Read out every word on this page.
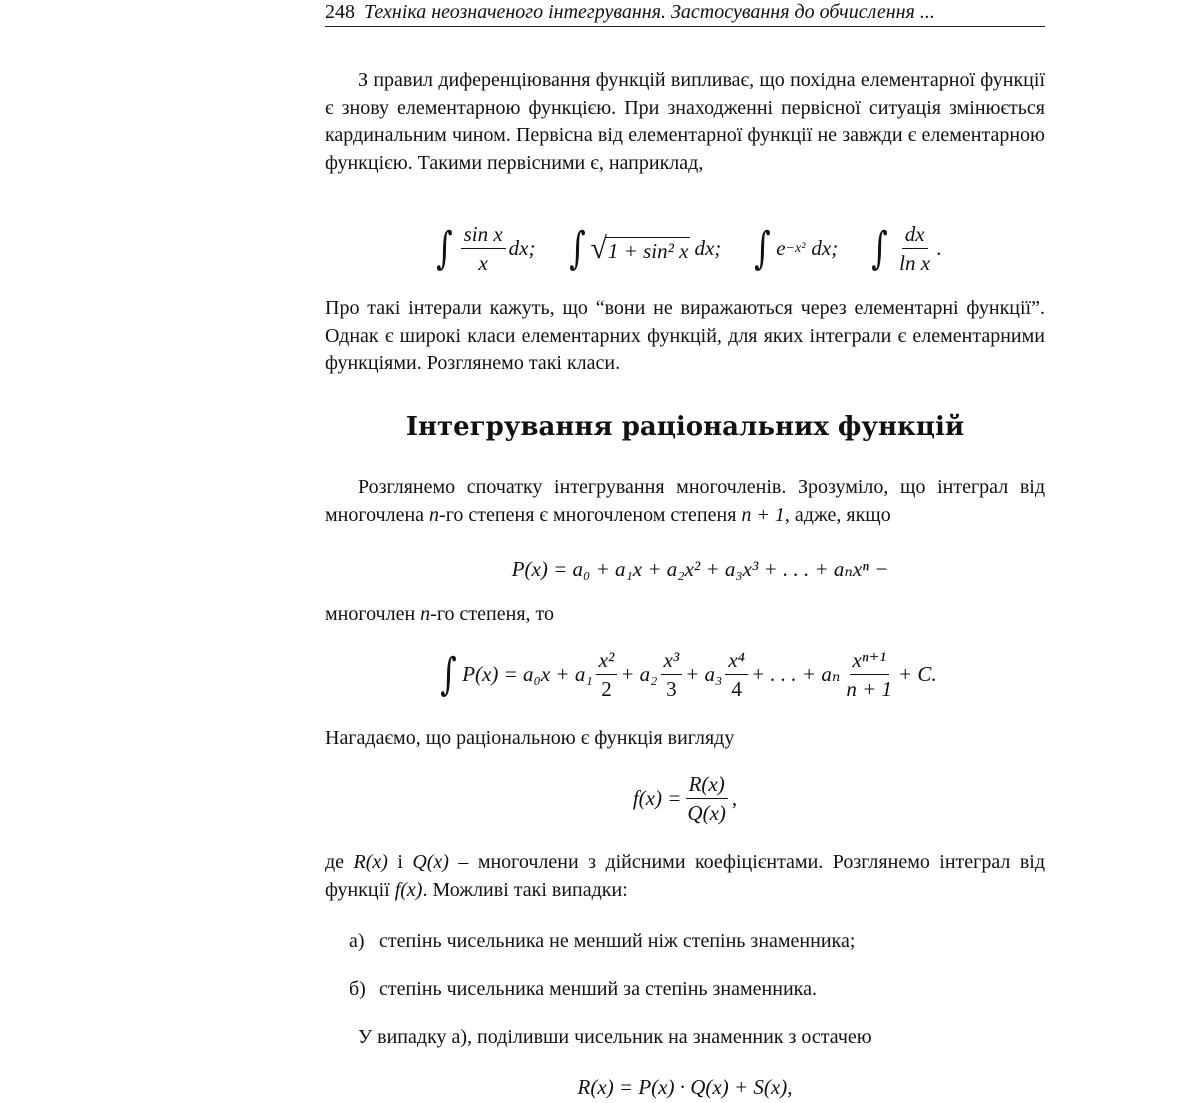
248 Техніка неозначеного інтегрування. Застосування до обчислення ...

З правил диференціювання функцій випливає, що похідна елементарної функції є знову елементарною функцією. При знаходженні первісної ситуація змінюється кардинальним чином. Первісна від елементарної функції не завжди є елементарною функцією. Такими первісними є, наприклад,

∫ $\frac{\text{sin x}}{x}$ dx; ∫ √ 1 + sin² x dx; ∫ e −x² dx; ∫ $\frac{dx}{\text{ln x}}$ .

Про такі інтерали кажуть, що “вони не виражаються через елементарні функції”. Однак є широкі класи елементарних функцій, для яких інтеграли є елементарними функціями. Розглянемо такі класи.

Інтегрування раціональних функцій

Розглянемо спочатку інтегрування многочленів. Зрозуміло, що інтеграл від многочлена n-го степеня є многочленом степеня n + 1, адже, якщо

P(x) = a₀ + a₁x + a₂x² + a₃x³ + . . . + aₙxⁿ −

многочлен n-го степеня, то

∫ $P(x) = a_0x + a_1 \frac{\text{x²}}{2} + a_2 \frac{\text{x³}}{3} + a_3 \frac{\text{x⁴}}{4}$ + . . . + aₙ $\frac{\text{xⁿ⁺¹}}{n + 1} + C$.

Нагадаємо, що раціональною є функція вигляду

$f(x) = \frac{R(x)}{Q(x)}$ ,

де R(x) і Q(x) – многочлени з дійсними коефіцієнтами. Розглянемо інтеграл від функції f(x). Можливі такі випадки:

а) степінь чисельника не менший ніж степінь знаменника;
б) степінь чисельника менший за степінь знаменника.

У випадку а), поділивши чисельник на знаменник з остачею

R(x) = P(x) · Q(x) + S(x),
